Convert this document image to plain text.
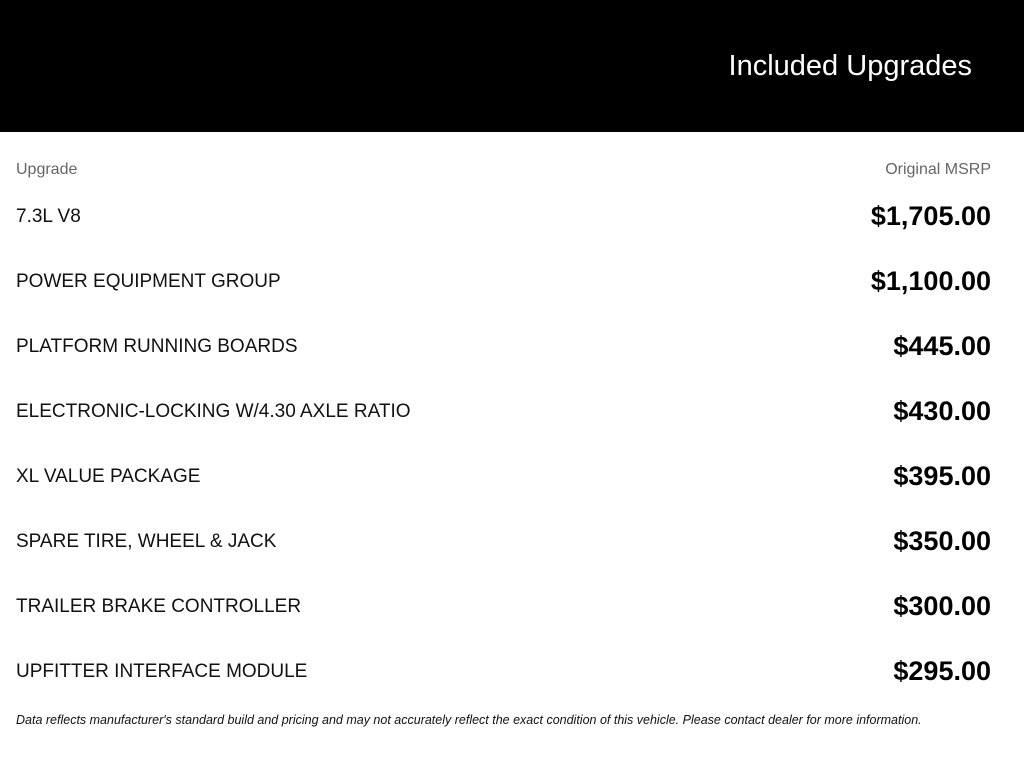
Included Upgrades
Upgrade	Original MSRP
7.3L V8	$1,705.00
POWER EQUIPMENT GROUP	$1,100.00
PLATFORM RUNNING BOARDS	$445.00
ELECTRONIC-LOCKING W/4.30 AXLE RATIO	$430.00
XL VALUE PACKAGE	$395.00
SPARE TIRE, WHEEL & JACK	$350.00
TRAILER BRAKE CONTROLLER	$300.00
UPFITTER INTERFACE MODULE	$295.00
Data reflects manufacturer's standard build and pricing and may not accurately reflect the exact condition of this vehicle. Please contact dealer for more information.
